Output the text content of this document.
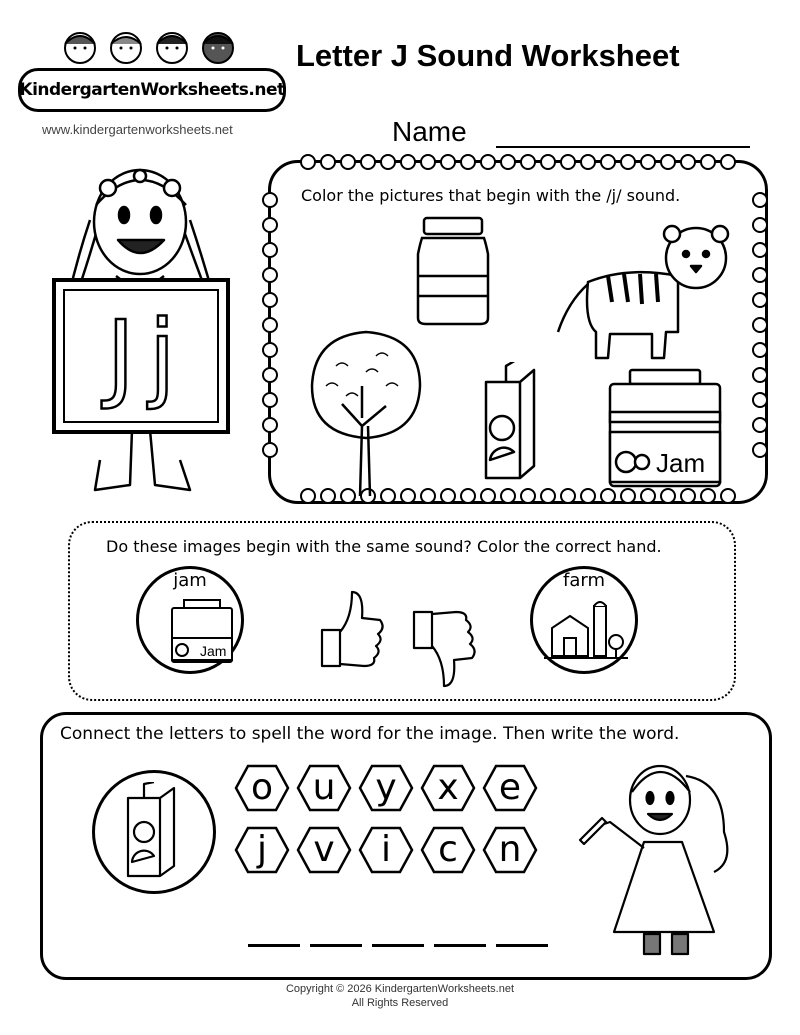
KindergartenWorksheets.net
www.kindergartenworksheets.net
Letter J Sound Worksheet
Name
J j
Color the pictures that begin with the /j/ sound.
Jam
Do these images begin with the same sound? Color the correct hand.
jam
Jam
farm
Connect the letters to spell the word for the image. Then write the word.
o u y x e
j v i c n
Copyright © 2026 KindergartenWorksheets.net
All Rights Reserved
